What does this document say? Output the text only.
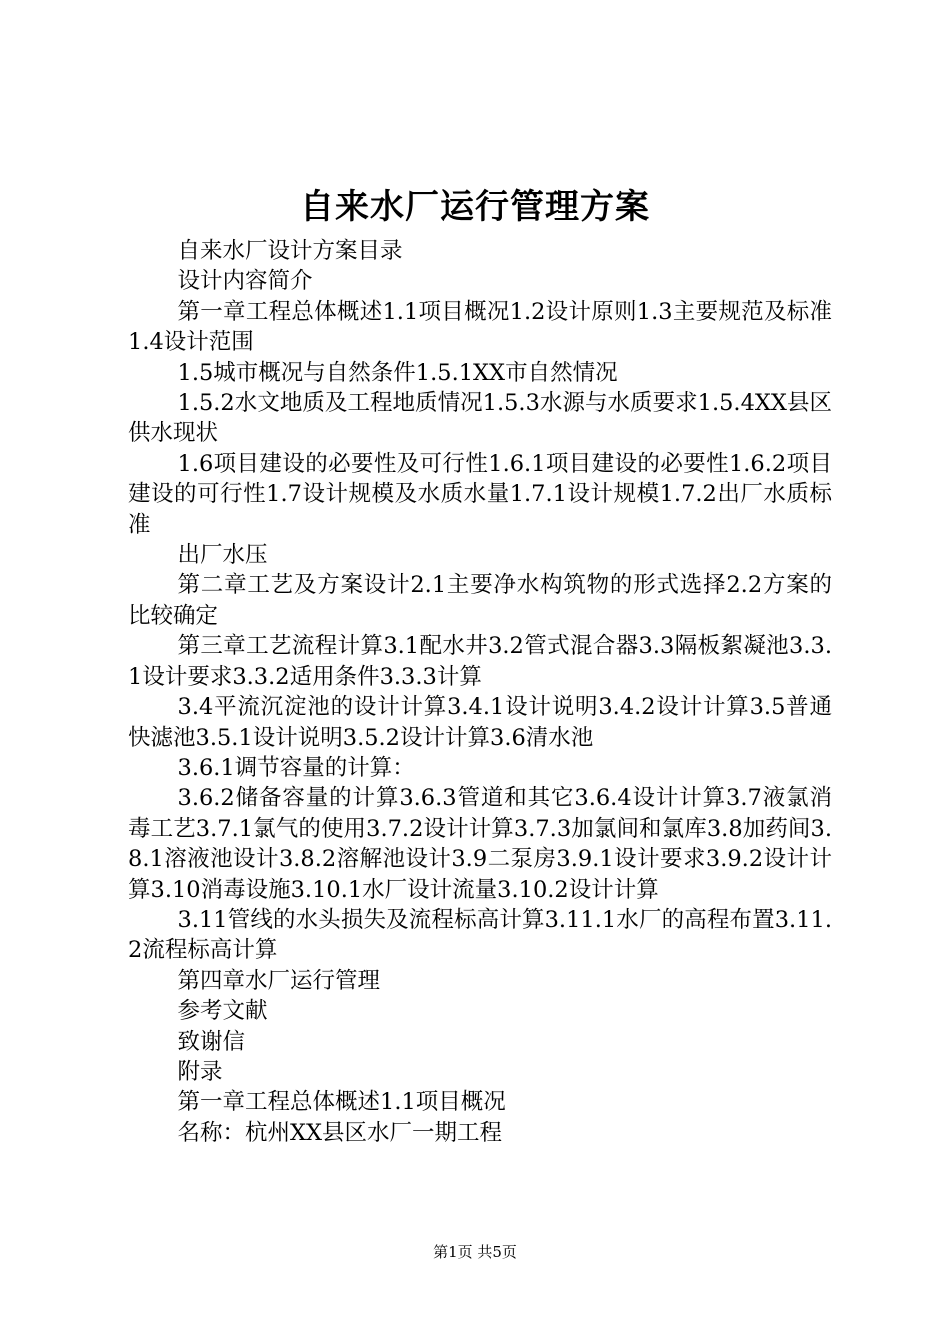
自来水厂运行管理方案

自来水厂设计方案目录

设计内容简介

第一章工程总体概述1.1项目概况1.2设计原则1.3主要规范及标准1.4设计范围

1.5城市概况与自然条件1.5.1XX市自然情况

1.5.2水文地质及工程地质情况1.5.3水源与水质要求1.5.4XX县区供水现状

1.6项目建设的必要性及可行性1.6.1项目建设的必要性1.6.2项目建设的可行性1.7设计规模及水质水量1.7.1设计规模1.7.2出厂水质标准

出厂水压

第二章工艺及方案设计2.1主要净水构筑物的形式选择2.2方案的比较确定

第三章工艺流程计算3.1配水井3.2管式混合器3.3隔板絮凝池3.3.1设计要求3.3.2适用条件3.3.3计算

3.4平流沉淀池的设计计算3.4.1设计说明3.4.2设计计算3.5普通快滤池3.5.1设计说明3.5.2设计计算3.6清水池

3.6.1调节容量的计算：

3.6.2储备容量的计算3.6.3管道和其它3.6.4设计计算3.7液氯消毒工艺3.7.1氯气的使用3.7.2设计计算3.7.3加氯间和氯库3.8加药间3.8.1溶液池设计3.8.2溶解池设计3.9二泵房3.9.1设计要求3.9.2设计计算3.10消毒设施3.10.1水厂设计流量3.10.2设计计算

3.11管线的水头损失及流程标高计算3.11.1水厂的高程布置3.11.2流程标高计算

第四章水厂运行管理

参考文献

致谢信

附录

第一章工程总体概述1.1项目概况

名称：杭州XX县区水厂一期工程

第1页 共5页
